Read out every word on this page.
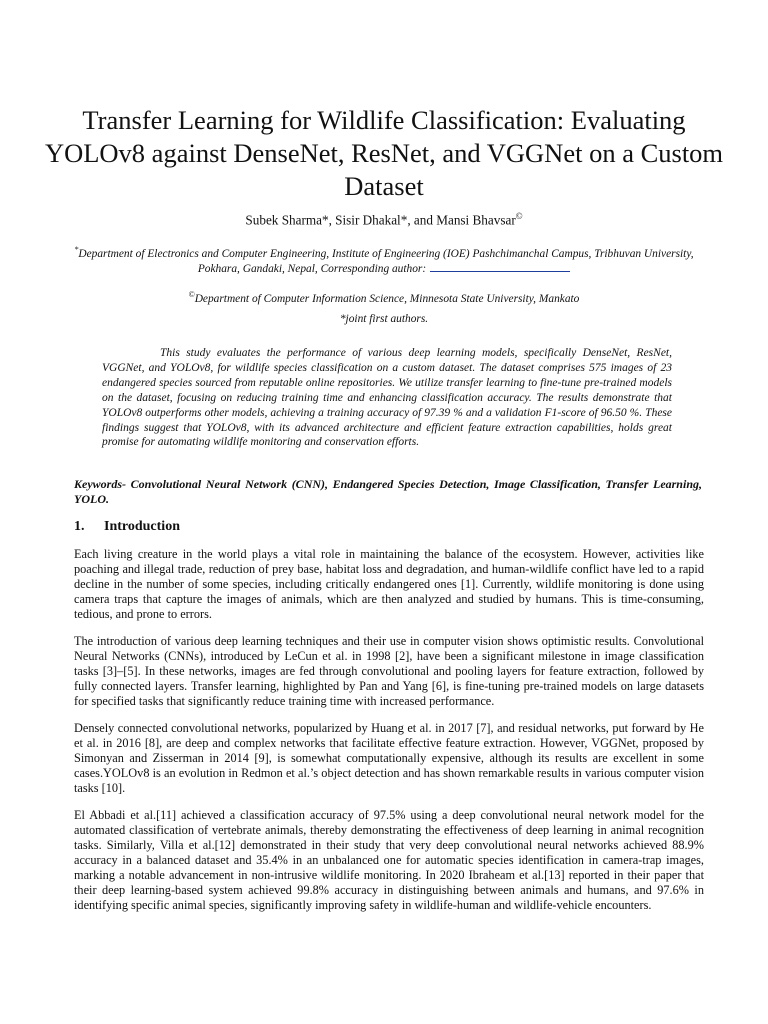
Transfer Learning for Wildlife Classification: Evaluating YOLOv8 against DenseNet, ResNet, and VGGNet on a Custom Dataset
Subek Sharma*, Sisir Dhakal*, and Mansi Bhavsar©
*Department of Electronics and Computer Engineering, Institute of Engineering (IOE) Pashchimanchal Campus, Tribhuvan University, Pokhara, Gandaki, Nepal, Corresponding author:
©Department of Computer Information Science, Minnesota State University, Mankato
*joint first authors.

This study evaluates the performance of various deep learning models, specifically DenseNet, ResNet, VGGNet, and YOLOv8, for wildlife species classification on a custom dataset. The dataset comprises 575 images of 23 endangered species sourced from reputable online repositories. We utilize transfer learning to fine-tune pre-trained models on the dataset, focusing on reducing training time and enhancing classification accuracy. The results demonstrate that YOLOv8 outperforms other models, achieving a training accuracy of 97.39 % and a validation F1-score of 96.50 %. These findings suggest that YOLOv8, with its advanced architecture and efficient feature extraction capabilities, holds great promise for automating wildlife monitoring and conservation efforts.

Keywords- Convolutional Neural Network (CNN), Endangered Species Detection, Image Classification, Transfer Learning, YOLO.

1. Introduction

Each living creature in the world plays a vital role in maintaining the balance of the ecosystem. However, activities like poaching and illegal trade, reduction of prey base, habitat loss and degradation, and human-wildlife conflict have led to a rapid decline in the number of some species, including critically endangered ones [1]. Currently, wildlife monitoring is done using camera traps that capture the images of animals, which are then analyzed and studied by humans. This is time-consuming, tedious, and prone to errors.

The introduction of various deep learning techniques and their use in computer vision shows optimistic results. Convolutional Neural Networks (CNNs), introduced by LeCun et al. in 1998 [2], have been a significant milestone in image classification tasks [3]–[5]. In these networks, images are fed through convolutional and pooling layers for feature extraction, followed by fully connected layers. Transfer learning, highlighted by Pan and Yang [6], is fine-tuning pre-trained models on large datasets for specified tasks that significantly reduce training time with increased performance.

Densely connected convolutional networks, popularized by Huang et al. in 2017 [7], and residual networks, put forward by He et al. in 2016 [8], are deep and complex networks that facilitate effective feature extraction. However, VGGNet, proposed by Simonyan and Zisserman in 2014 [9], is somewhat computationally expensive, although its results are excellent in some cases.YOLOv8 is an evolution in Redmon et al.’s object detection and has shown remarkable results in various computer vision tasks [10].

El Abbadi et al.[11] achieved a classification accuracy of 97.5% using a deep convolutional neural network model for the automated classification of vertebrate animals, thereby demonstrating the effectiveness of deep learning in animal recognition tasks. Similarly, Villa et al.[12] demonstrated in their study that very deep convolutional neural networks achieved 88.9% accuracy in a balanced dataset and 35.4% in an unbalanced one for automatic species identification in camera-trap images, marking a notable advancement in non-intrusive wildlife monitoring. In 2020 Ibraheam et al.[13] reported in their paper that their deep learning-based system achieved 99.8% accuracy in distinguishing between animals and humans, and 97.6% in identifying specific animal species, significantly improving safety in wildlife-human and wildlife-vehicle encounters.
